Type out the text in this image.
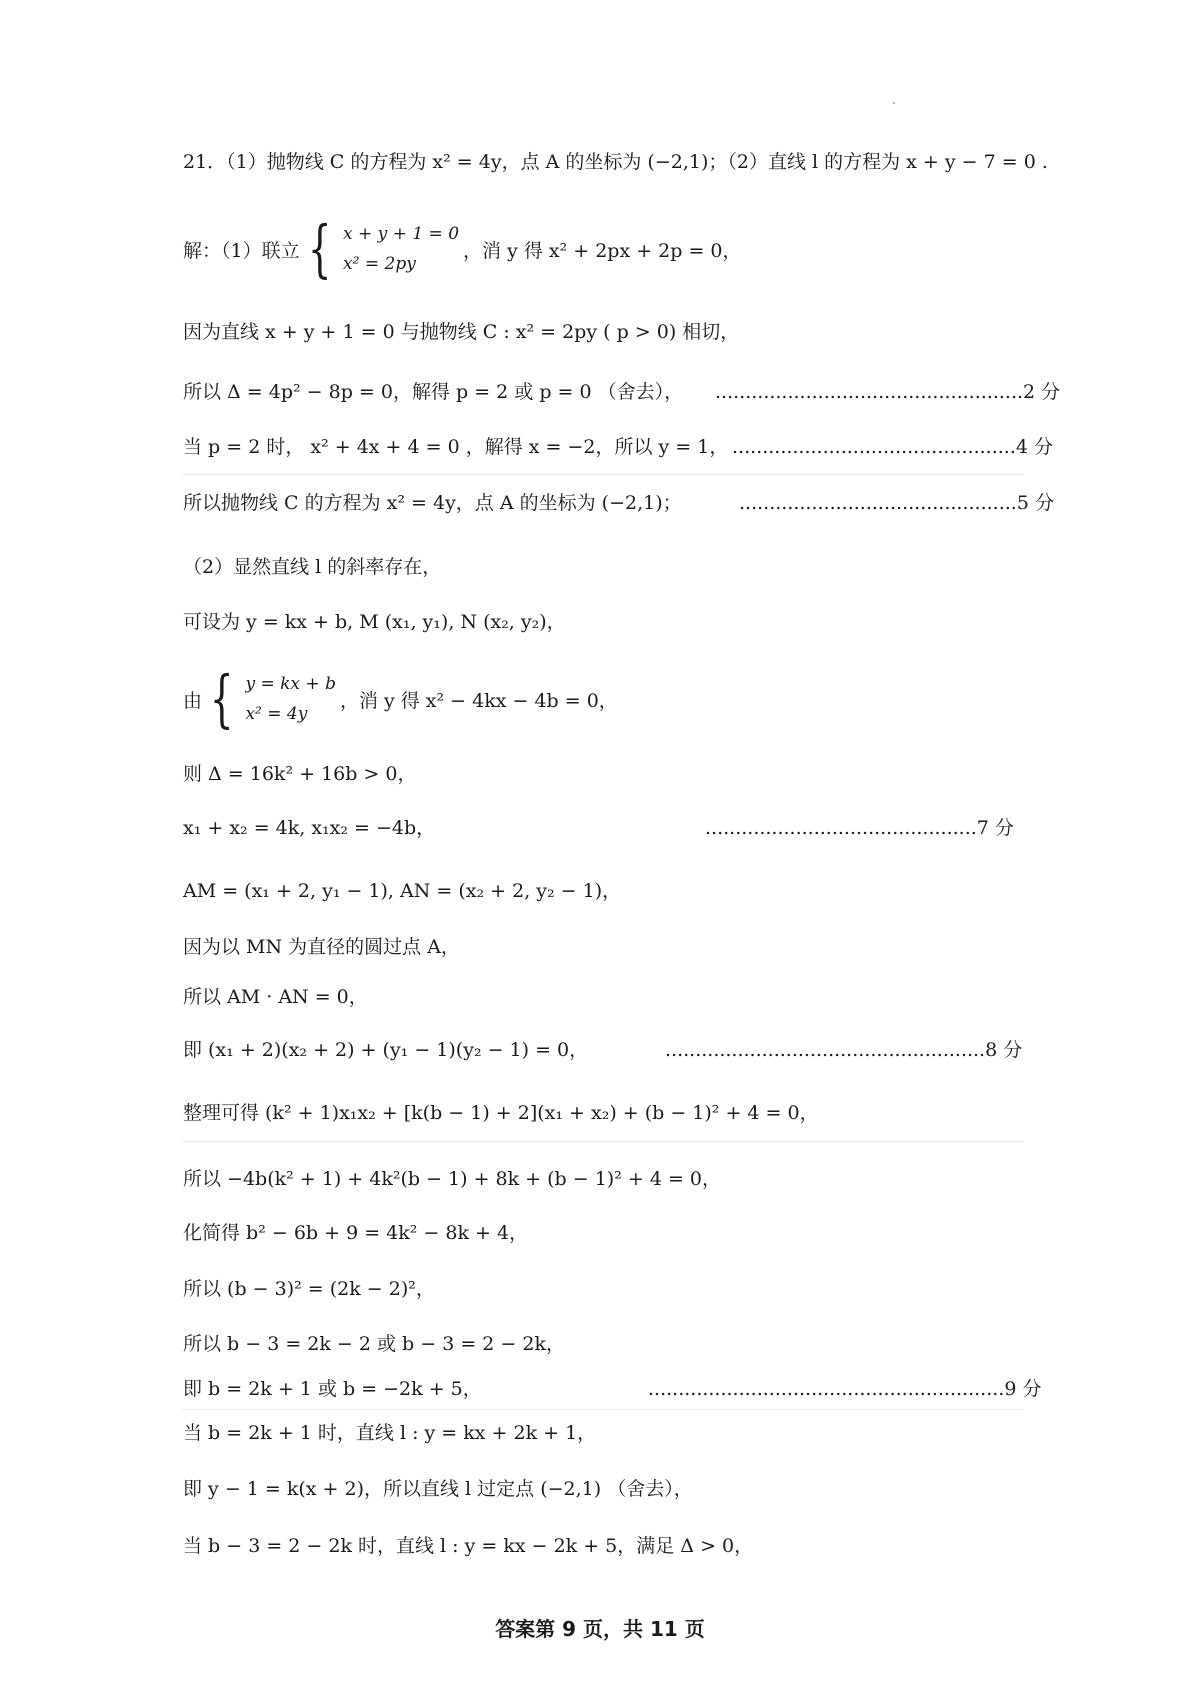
21．（1）抛物线 C 的方程为 x² = 4y，点 A 的坐标为 (−2,1)；（2）直线 l 的方程为 x + y − 7 = 0 .
解：（1）联立 { x + y + 1 = 0
x² = 2py
，消 y 得 x² + 2px + 2p = 0，
因为直线 x + y + 1 = 0 与抛物线 C : x² = 2py ( p > 0) 相切，
所以 Δ = 4p² − 8p = 0，解得 p = 2 或 p = 0 （舍去）， ...................................................2 分
当 p = 2 时， x² + 4x + 4 = 0 ，解得 x = −2，所以 y = 1， ...............................................4 分
所以抛物线 C 的方程为 x² = 4y，点 A 的坐标为 (−2,1)；	..............................................5 分
（2）显然直线 l 的斜率存在，
可设为 y = kx + b, M (x₁, y₁), N (x₂, y₂)，
由 { y = kx + b
x² = 4y
，消 y 得 x² − 4kx − 4b = 0，
则 Δ = 16k² + 16b > 0，
x₁ + x₂ = 4k, x₁x₂ = −4b，	.............................................7 分
AM = (x₁ + 2, y₁ − 1), AN = (x₂ + 2, y₂ − 1)，
因为以 MN 为直径的圆过点 A，
所以 AM · AN = 0，
即 (x₁ + 2)(x₂ + 2) + (y₁ − 1)(y₂ − 1) = 0，	.....................................................8 分
整理可得 (k² + 1)x₁x₂ + [k(b − 1) + 2](x₁ + x₂) + (b − 1)² + 4 = 0，
所以 −4b(k² + 1) + 4k²(b − 1) + 8k + (b − 1)² + 4 = 0，
化简得 b² − 6b + 9 = 4k² − 8k + 4，
所以 (b − 3)² = (2k − 2)²，
所以 b − 3 = 2k − 2 或 b − 3 = 2 − 2k，
即 b = 2k + 1 或 b = −2k + 5，	...........................................................9 分
当 b = 2k + 1 时，直线 l : y = kx + 2k + 1，
即 y − 1 = k(x + 2)，所以直线 l 过定点 (−2,1) （舍去），
当 b − 3 = 2 − 2k 时，直线 l : y = kx − 2k + 5，满足 Δ > 0，
答案第 9 页，共 11 页
